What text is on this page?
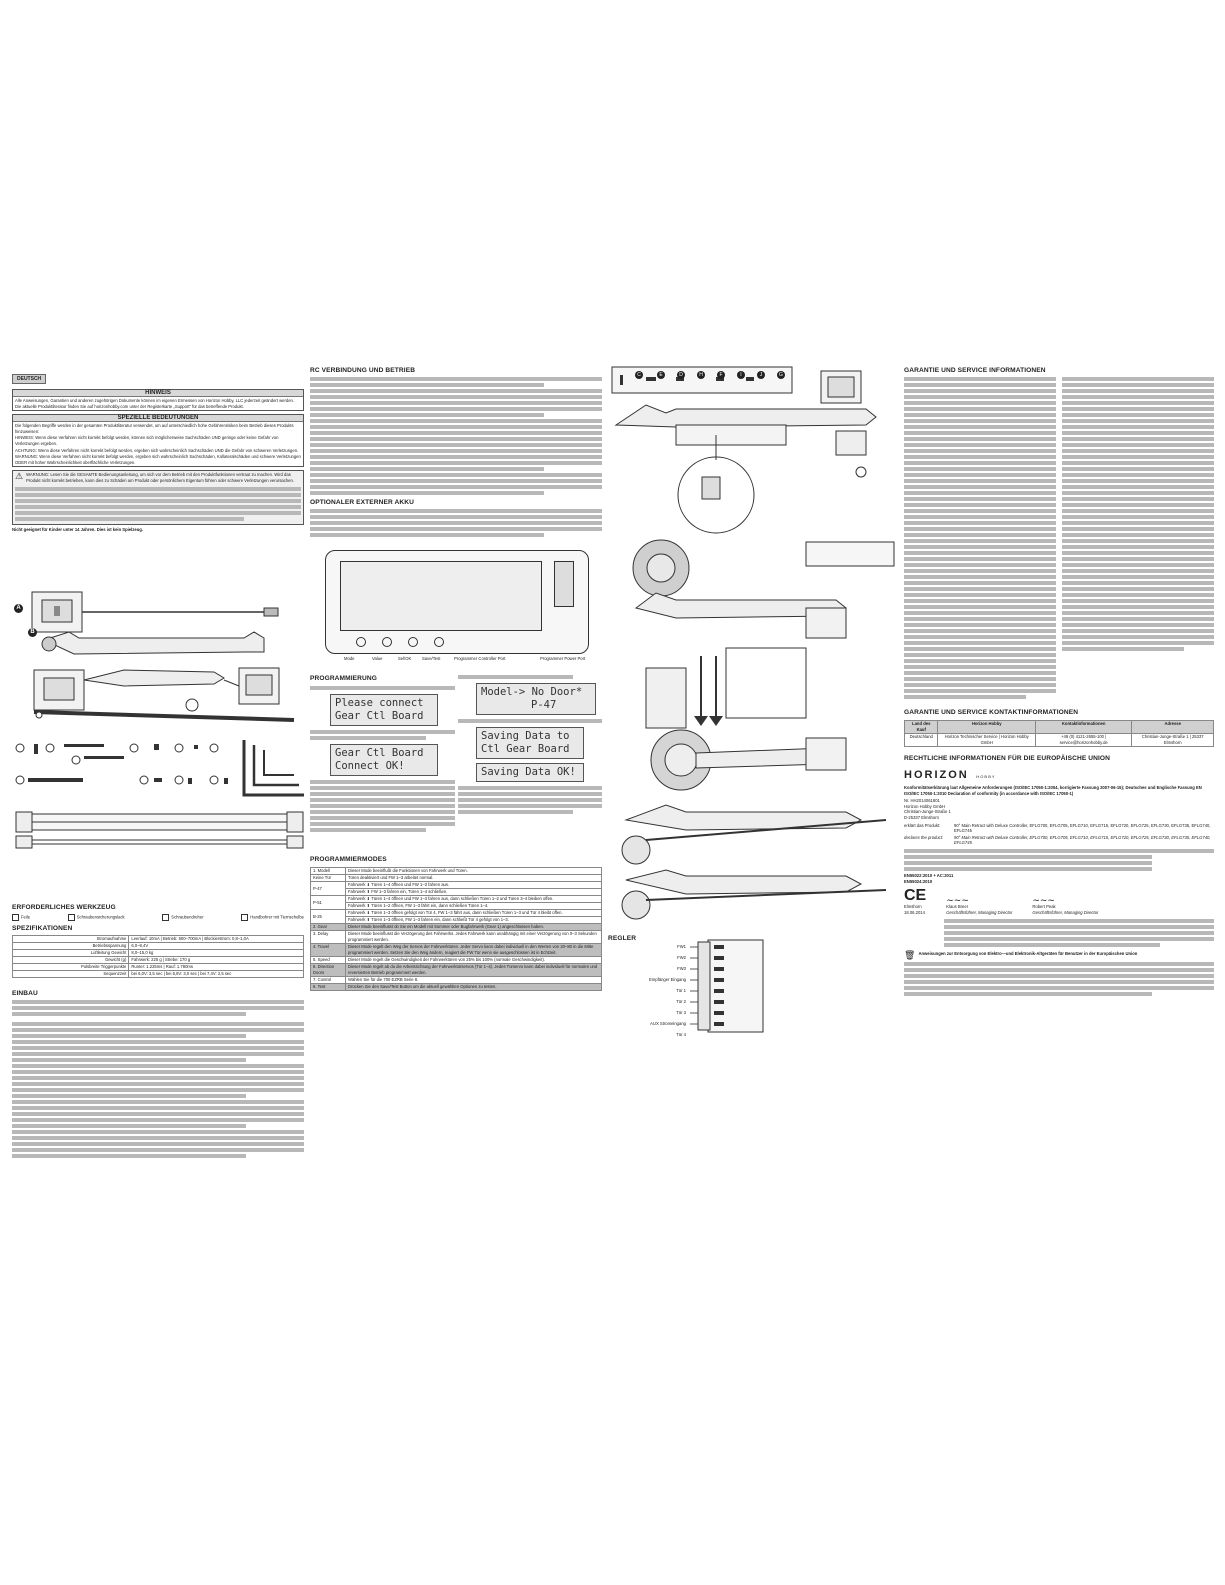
DEUTSCH
HINWEIS
Alle Anweisungen, Garantien und anderen zugehörigen Dokumente können im eigenen Ermessen von Horizon Hobby, LLC jederzeit geändert werden. Die aktuelle Produktliteratur finden Sie auf horizonhobby.com unter der Registerkarte „Support“ für das betreffende Produkt.
SPEZIELLE BEDEUTUNGEN
Die folgenden Begriffe werden in der gesamten Produktliteratur verwendet, um auf unterschiedlich hohe Gefahrenrisiken beim Betrieb dieses Produkts hinzuweisen:
HINWEIS: Wenn diese Verfahren nicht korrekt befolgt werden, können sich möglicherweise Sachschäden UND geringe oder keine Gefahr von Verletzungen ergeben.
ACHTUNG: Wenn diese Verfahren nicht korrekt befolgt werden, ergeben sich wahrscheinlich Sachschäden UND die Gefahr von schweren Verletzungen.
WARNUNG: Wenn diese Verfahren nicht korrekt befolgt werden, ergeben sich wahrscheinlich Sachschäden, Kollateralschäden und schwere Verletzungen ODER mit hoher Wahrscheinlichkeit oberflächliche Verletzungen.
⚠ WARNUNG: Lesen Sie die GESAMTE Bedienungsanleitung, um sich vor dem Betrieb mit den Produktfunktionen vertraut zu machen. Wird das Produkt nicht korrekt betrieben, kann dies zu Schäden am Produkt oder persönlichem Eigentum führen oder schwere Verletzungen verursachen.
Nicht geeignet für Kinder unter 14 Jahren. Dies ist kein Spielzeug.
A
B
ERFORDERLICHES WERKZEUG
Feile	Schraubensicherungslack	Schraubendreher	Handbohrer mit Tiernschelbe
SPEZIFIKATIONEN
Stromaufnahme	Leerlauf: 10mA | Betrieb: 500–700mA | Blockierstrom: 0,8–1,0A
Betriebsspannung	6,0–8,4V
Luftleitung Gewicht	8,0–15,0 kg
Gewicht (g)	Fahrwerk: 225 g | Strebe: 170 g
Pulsbreite Triggerpunkte	Runter: 1.225ms | Rauf: 1.780ms
Sequenzzeit	bei 6,0V: 3,5 sec | bei 6,6V: 3,0 sec | bei 7,4V: 2,5 sec
EINBAU
RC VERBINDUNG UND BETRIEB
OPTIONALER EXTERNER AKKU
Mode	Value	Sel/OK	Save/Test	Programmer Controller Port	Programmer Power Port
PROGRAMMIERUNG
Please connect
Gear Ctl Board
Gear Ctl Board
Connect OK!
Model-> No Door*
P-47
Saving Data to
Ctl Gear Board
Saving Data OK!
PROGRAMMIERMODES
1. Modell	Dieser Mode beeinflußt die Funktionen von Fahrwerk und Türen.
Keine Tür	Türen deaktiviert und FW 1–3 arbeitet normal.
P-47	Fahrwerk ⬇ Türen 1–4 öffnen und FW 1–3 fahren aus.
	Fahrwerk ⬆ FW 1–3 fahren ein, Türen 1–4 schließen.
P-51	Fahrwerk ⬇ Türen 1–4 öffnen und FW 1–3 fahren aus, dann schließen Türen 1–2 und Türen 3–4 bleiben offen.
	Fahrwerk ⬆ Türen 1–2 öffnen, FW 1–3 fährt ein, dann schließen Türen 1–4.
B-25	Fahrwerk ⬇ Türen 1–3 öffnen gefolgt von Tür 4, FW 1–3 fährt aus, dann schließen Türen 1–3 und Tür 4 bleibt offen.
	Fahrwerk ⬆ Türen 1–3 öffnen, FW 1–3 fahren ein, dann schließt Tür 4 gefolgt von 1–3.
2. Gear	Dieser Mode beeinflusst ob Sie ein Modell mit Sommer oder Bugfahrwerk (Gear 1) angeschlossen haben.
3. Delay	Dieser Mode beeinflusst die Verzögerung des Fahrwerks. Jedes Fahrwerk kann unabhängig mit einer Verzögerung von 0–3 Sekunden programmiert werden.
4. Travel	Dieser Mode regelt den Weg der Servos der Fahrwerktüren. Jeder Servo kann dabei individuell in den Werten von 20–80 in die Mitte programmiert werden. Setzen Sie den Weg ändern, reagiert die FW Tür wenn sie ausgeschlossen ist in Echtzeit.
5. Speed	Dieser Mode regelt die Geschwindigkeit der Fahrwerktüren von 25% bis 100% (normale Geschwindigkeit).
6. Direction Doors	Dieser Mode regelt ab du die Arbeitsrichtung der Fahrwerktürservos (Tür 1–4). Jedes Türservo kann dabei individuell für normalen und reversierten Betrieb programmiert werden.
7. Control	Wählen Sie für die 700 EZRB Serie 8.
8. Test	Drücken Sie den Save/Test Button um die aktuell gewählten Optionen zu testen.
C	E	D	H	F	I	J	G
REGLER
FW1
FW2
FW3
Empfänger Eingang
Tür 1
Tür 2
Tür 3
AUX Stromeingang
Tür 4
GARANTIE UND SERVICE INFORMATIONEN
GARANTIE UND SERVICE KONTAKTINFORMATIONEN
Land des Kauf	Horizon Hobby	Kontaktinformationen	Adresse
Deutschland	Horizon Technischer Service | Horizon Hobby GmbH	+49 (0) 4121-2655-100 | service@horizonhobby.de	Christian-Junge-Straße 1 | 25337 Elmshorn
RECHTLICHE INFORMATIONEN FÜR DIE EUROPÄISCHE UNION
HORIZON H O B B Y
Konformitätserklärung laut Allgemeine Anforderungen (ISO/IEC 17050-1:2004, korrigierte Fassung 2007-06-15); Deutsches und Englische Fassung EN ISO/IEC 17050-1:2010 Declaration of conformity (in accordance with ISO/IEC 17050-1)
Nr. HH2014061801
Horizon Hobby GmbH
Christian-Junge-Straße 1
D-25337 Elmshorn
erklärt das Produkt:	90° Main Retract with Deluxe Controller, EFLG700, EFLG705, EFLG710, EFLG715, EFLG720, EFLG725, EFLG730, EFLG735, EFLG740, EFLG745
declares the product:	90° Main Retract with Deluxe Controller, EFLG700, EFLG705, EFLG710, EFLG715, EFLG720, EFLG725, EFLG730, EFLG735, EFLG740, EFLG745
EN55022:2010 + AC:2011
EN55024:2010
CE
Elmshorn
18.06.2014
~~~
Klaus Breer
Geschäftsführer, Managing Director
~~~
Robert Peak
Geschäftsführer, Managing Director
🗑 Anweisungen zur Entsorgung von Elektro—und Elektronik-Altgeräten für Benutzer in der Europäischen Union
